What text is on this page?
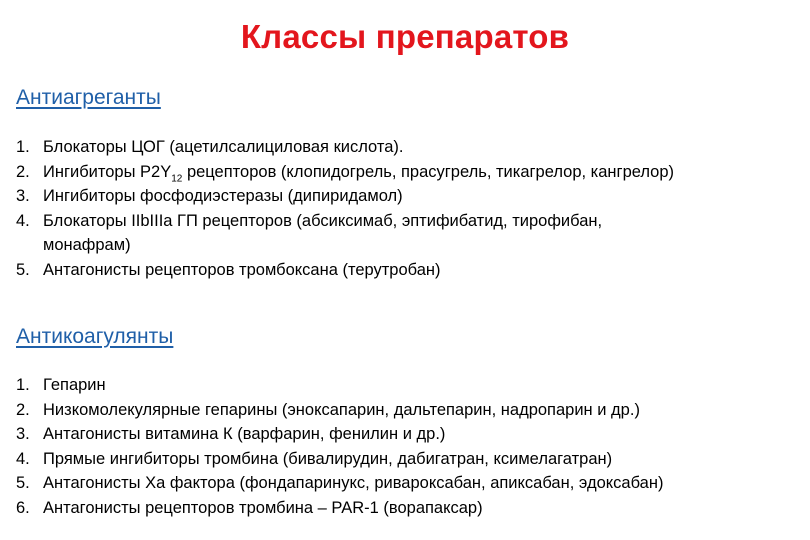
Классы препаратов
Антиагреганты
1. Блокаторы ЦОГ (ацетилсалициловая кислота).
2. Ингибиторы $P2Y_{12}$ рецепторов (клопидогрель, прасугрель, тикагрелор, кангрелор)
3. Ингибиторы фосфодиэстеразы (дипиридамол)
4. Блокаторы IIbIIIa ГП рецепторов (абсиксимаб, эптифибатид, тирофибан,
монафрам)
5. Антагонисты рецепторов тромбоксана (терутробан)
Антикоагулянты
1. Гепарин
2. Низкомолекулярные гепарины (эноксапарин, дальтепарин, надропарин и др.)
3. Антагонисты витамина К (варфарин, фенилин и др.)
4. Прямые ингибиторы тромбина (бивалирудин, дабигатран, ксимелагатран)
5. Антагонисты Ха фактора (фондапаринукс, ривароксабан, апиксабан, эдоксабан)
6. Антагонисты рецепторов тромбина – PAR-1 (ворапаксар)
